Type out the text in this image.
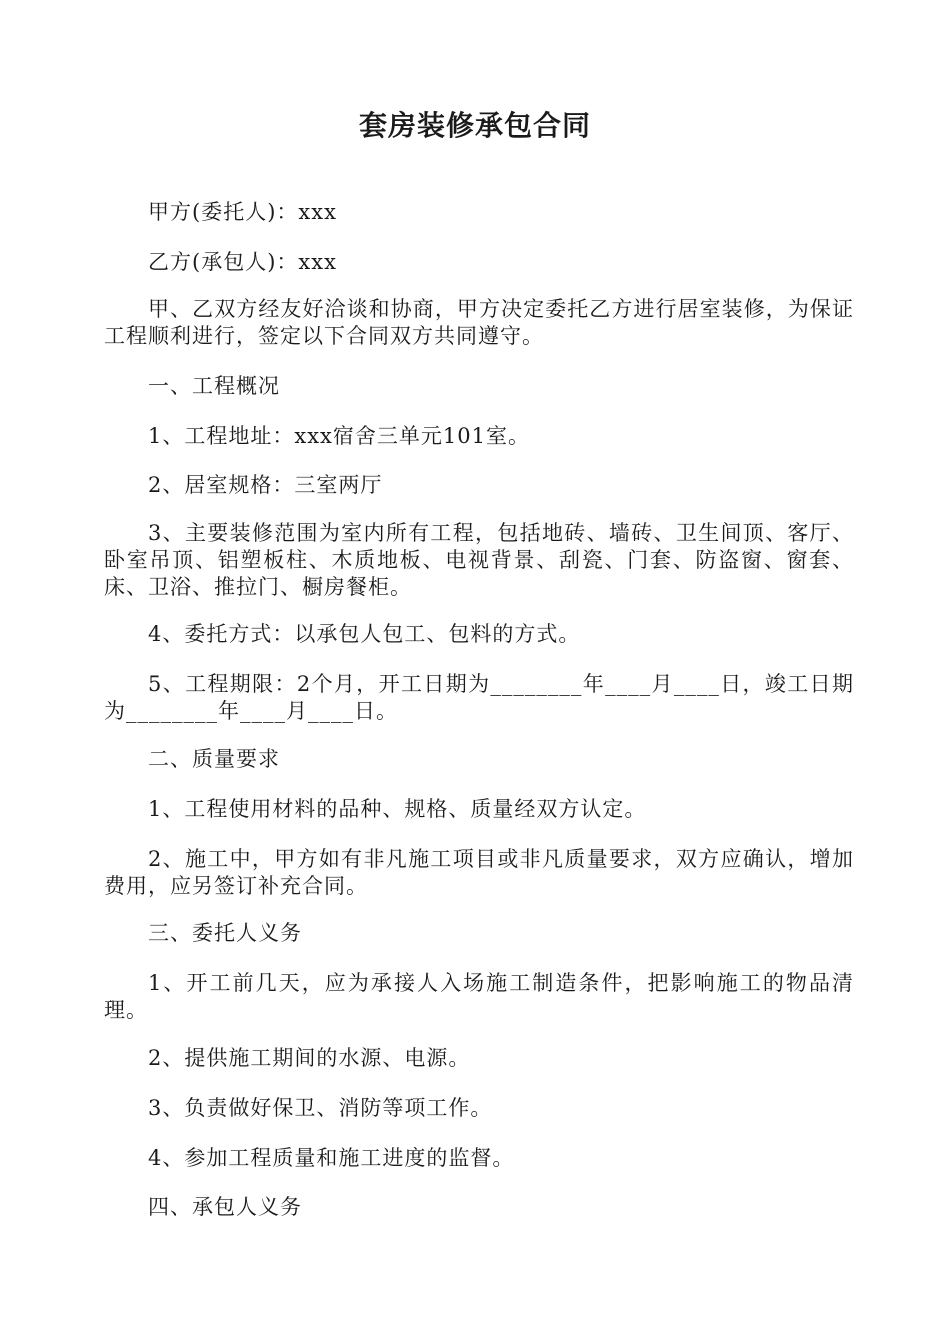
套房装修承包合同

甲方(委托人)：xxx

乙方(承包人)：xxx

甲、乙双方经友好洽谈和协商，甲方决定委托乙方进行居室装修，为保证工程顺利进行，签定以下合同双方共同遵守。

一、工程概况

1、工程地址：xxx宿舍三单元101室。

2、居室规格：三室两厅

3、主要装修范围为室内所有工程，包括地砖、墙砖、卫生间顶、客厅、卧室吊顶、铝塑板柱、木质地板、电视背景、刮瓷、门套、防盗窗、窗套、床、卫浴、推拉门、橱房餐柜。

4、委托方式：以承包人包工、包料的方式。

5、工程期限：2个月，开工日期为________年____月____日，竣工日期为________年____月____日。

二、质量要求

1、工程使用材料的品种、规格、质量经双方认定。

2、施工中，甲方如有非凡施工项目或非凡质量要求，双方应确认，增加费用，应另签订补充合同。

三、委托人义务

1、开工前几天，应为承接人入场施工制造条件，把影响施工的物品清理。

2、提供施工期间的水源、电源。

3、负责做好保卫、消防等项工作。

4、参加工程质量和施工进度的监督。

四、承包人义务
